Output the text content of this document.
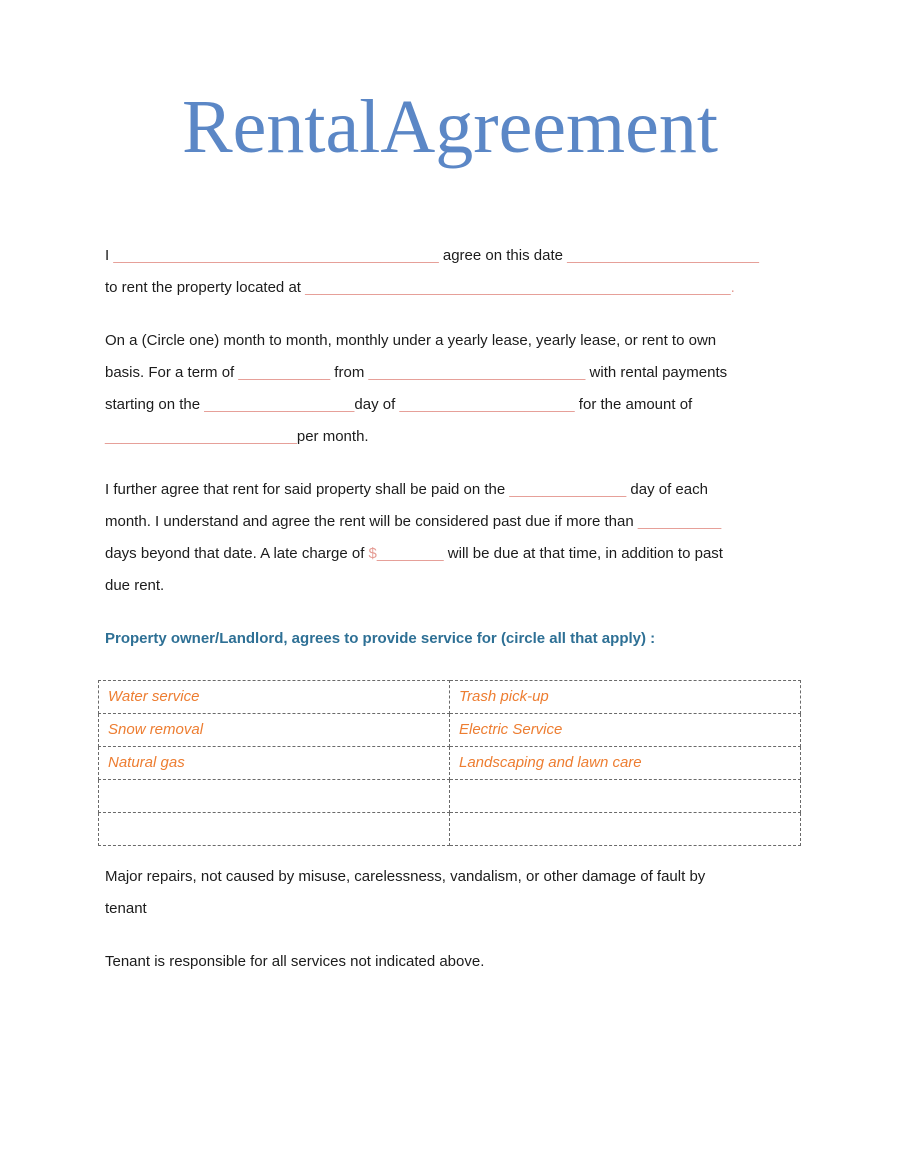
RentalAgreement
I _______________________________________ agree on this date _______________________
to rent the property located at ___________________________________________________.
On a (Circle one) month to month, monthly under a yearly lease, yearly lease, or rent to own
basis. For a term of ___________ from __________________________ with rental payments
starting on the __________________day of _____________________ for the amount of
_______________________per month.
I further agree that rent for said property shall be paid on the ______________ day of each
month. I understand and agree the rent will be considered past due if more than __________
days beyond that date. A late charge of $________ will be due at that time, in addition to past
due rent.
Property owner/Landlord, agrees to provide service for (circle all that apply) :
Water service	Trash pick-up
Snow removal	Electric Service
Natural gas	Landscaping and lawn care

Major repairs, not caused by misuse, carelessness, vandalism, or other damage of fault by
tenant
Tenant is responsible for all services not indicated above.
